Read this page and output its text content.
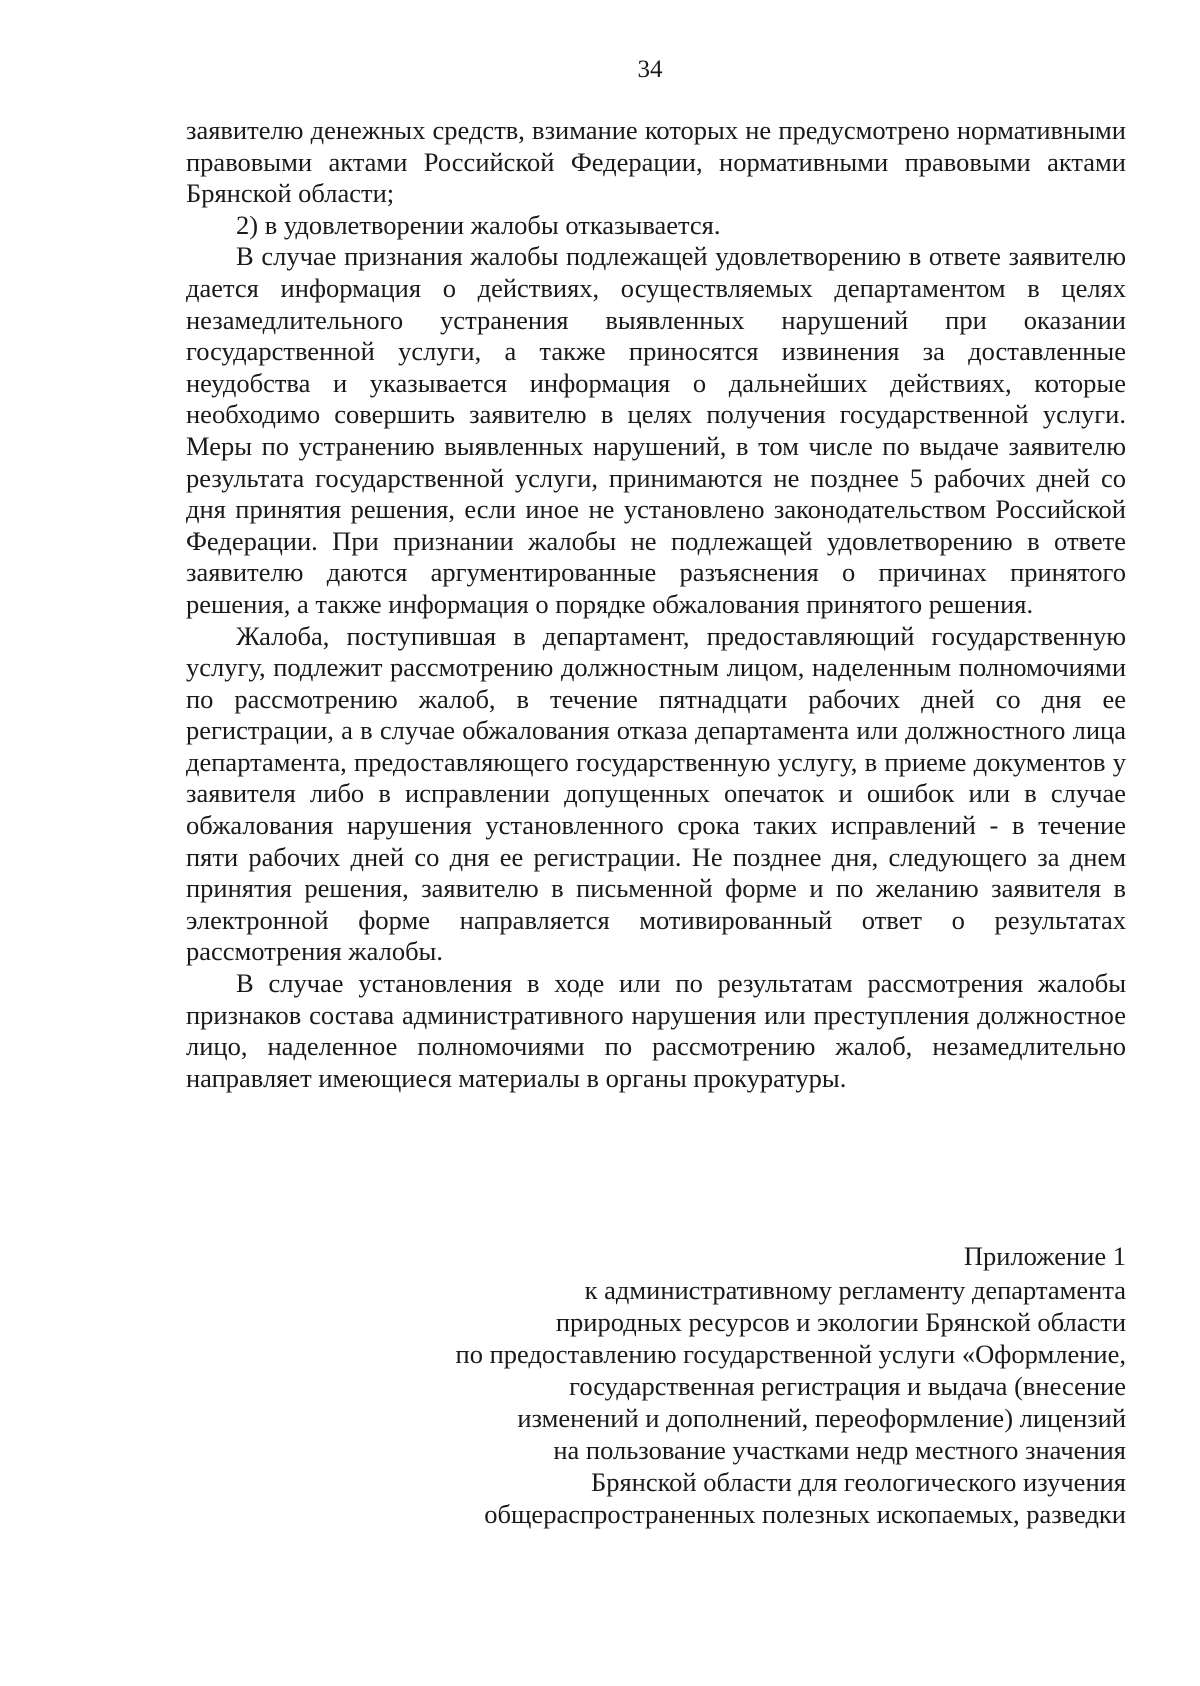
34

заявителю денежных средств, взимание которых не предусмотрено нормативными правовыми актами Российской Федерации, нормативными правовыми актами Брянской области;

2) в удовлетворении жалобы отказывается.

В случае признания жалобы подлежащей удовлетворению в ответе заявителю дается информация о действиях, осуществляемых департаментом в целях незамедлительного устранения выявленных нарушений при оказании государственной услуги, а также приносятся извинения за доставленные неудобства и указывается информация о дальнейших действиях, которые необходимо совершить заявителю в целях получения государственной услуги. Меры по устранению выявленных нарушений, в том числе по выдаче заявителю результата государственной услуги, принимаются не позднее 5 рабочих дней со дня принятия решения, если иное не установлено законодательством Российской Федерации. При признании жалобы не подлежащей удовлетворению в ответе заявителю даются аргументированные разъяснения о причинах принятого решения, а также информация о порядке обжалования принятого решения.

Жалоба, поступившая в департамент, предоставляющий государственную услугу, подлежит рассмотрению должностным лицом, наделенным полномочиями по рассмотрению жалоб, в течение пятнадцати рабочих дней со дня ее регистрации, а в случае обжалования отказа департамента или должностного лица департамента, предоставляющего государственную услугу, в приеме документов у заявителя либо в исправлении допущенных опечаток и ошибок или в случае обжалования нарушения установленного срока таких исправлений - в течение пяти рабочих дней со дня ее регистрации. Не позднее дня, следующего за днем принятия решения, заявителю в письменной форме и по желанию заявителя в электронной форме направляется мотивированный ответ о результатах рассмотрения жалобы.

В случае установления в ходе или по результатам рассмотрения жалобы признаков состава административного нарушения или преступления должностное лицо, наделенное полномочиями по рассмотрению жалоб, незамедлительно направляет имеющиеся материалы в органы прокуратуры.

Приложение 1
к административному регламенту департамента
природных ресурсов и экологии Брянской области
по предоставлению государственной услуги «Оформление,
государственная регистрация и выдача (внесение
изменений и дополнений, переоформление) лицензий
на пользование участками недр местного значения
Брянской области для геологического изучения
общераспространенных полезных ископаемых, разведки
